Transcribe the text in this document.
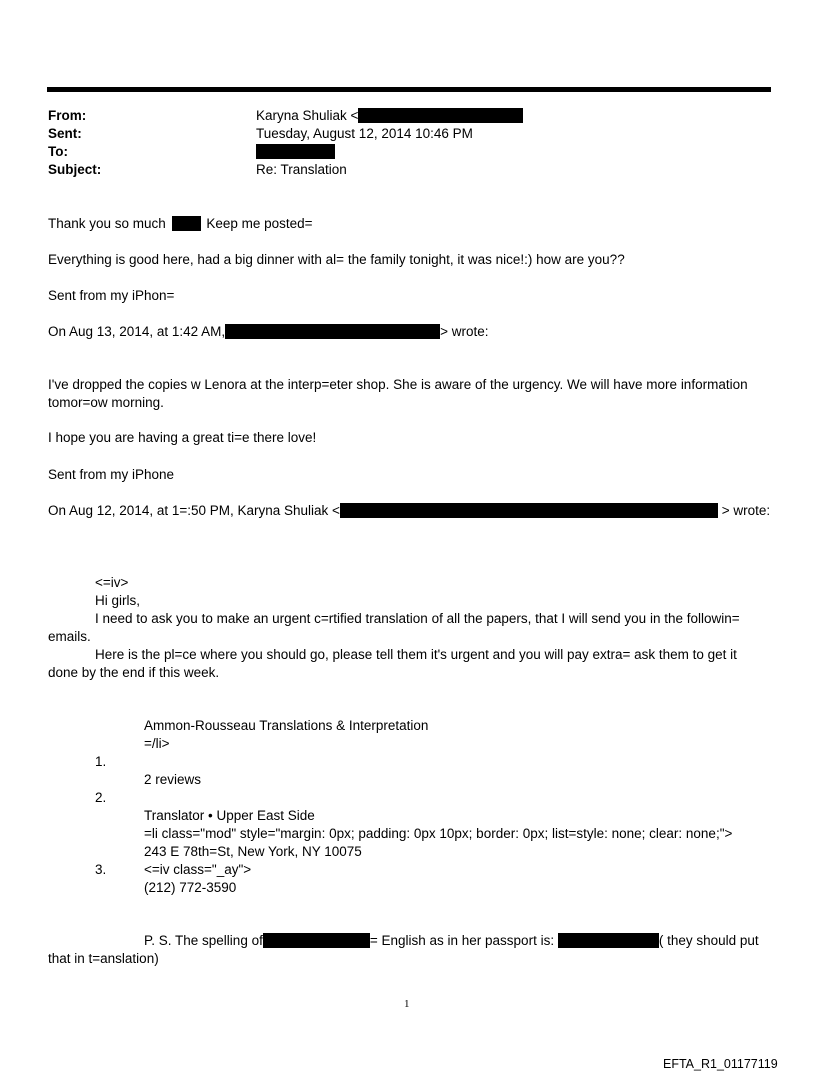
From:	Karyna Shuliak <
Sent:	Tuesday, August 12, 2014 10:46 PM
To:
Subject:	Re: Translation
Thank you so much	Keep me posted=
Everything is good here, had a big dinner with al= the family tonight, it was nice!:) how are you??
Sent from my iPhon=
On Aug 13, 2014, at 1:42 AM,	> wrote:
I've dropped the copies w Lenora at the interp=eter shop. She is aware of the urgency. We will have more information
tomor=ow morning.
I hope you are having a great ti=e there love!
Sent from my iPhone
On Aug 12, 2014, at 1=:50 PM, Karyna Shuliak <	> wrote:
<=iv>
Hi girls,
I need to ask you to make an urgent c=rtified translation of all the papers, that I will send you in the followin=
emails.
Here is the pl=ce where you should go, please tell them it's urgent and you will pay extra= ask them to get it
done by the end if this week.
Ammon-Rousseau Translations & Interpretation
=/li>
1.
2 reviews
2.
Translator • Upper East Side
=li class="mod" style="margin: 0px; padding: 0px 10px; border: 0px; list=style: none; clear: none;">
243 E 78th=St, New York, NY 10075
3.	<=iv class="_ay">
(212) 772-3590
P. S. The spelling of	= English as in her passport is:	( they should put
that in t=anslation)
1
EFTA_R1_01177119
